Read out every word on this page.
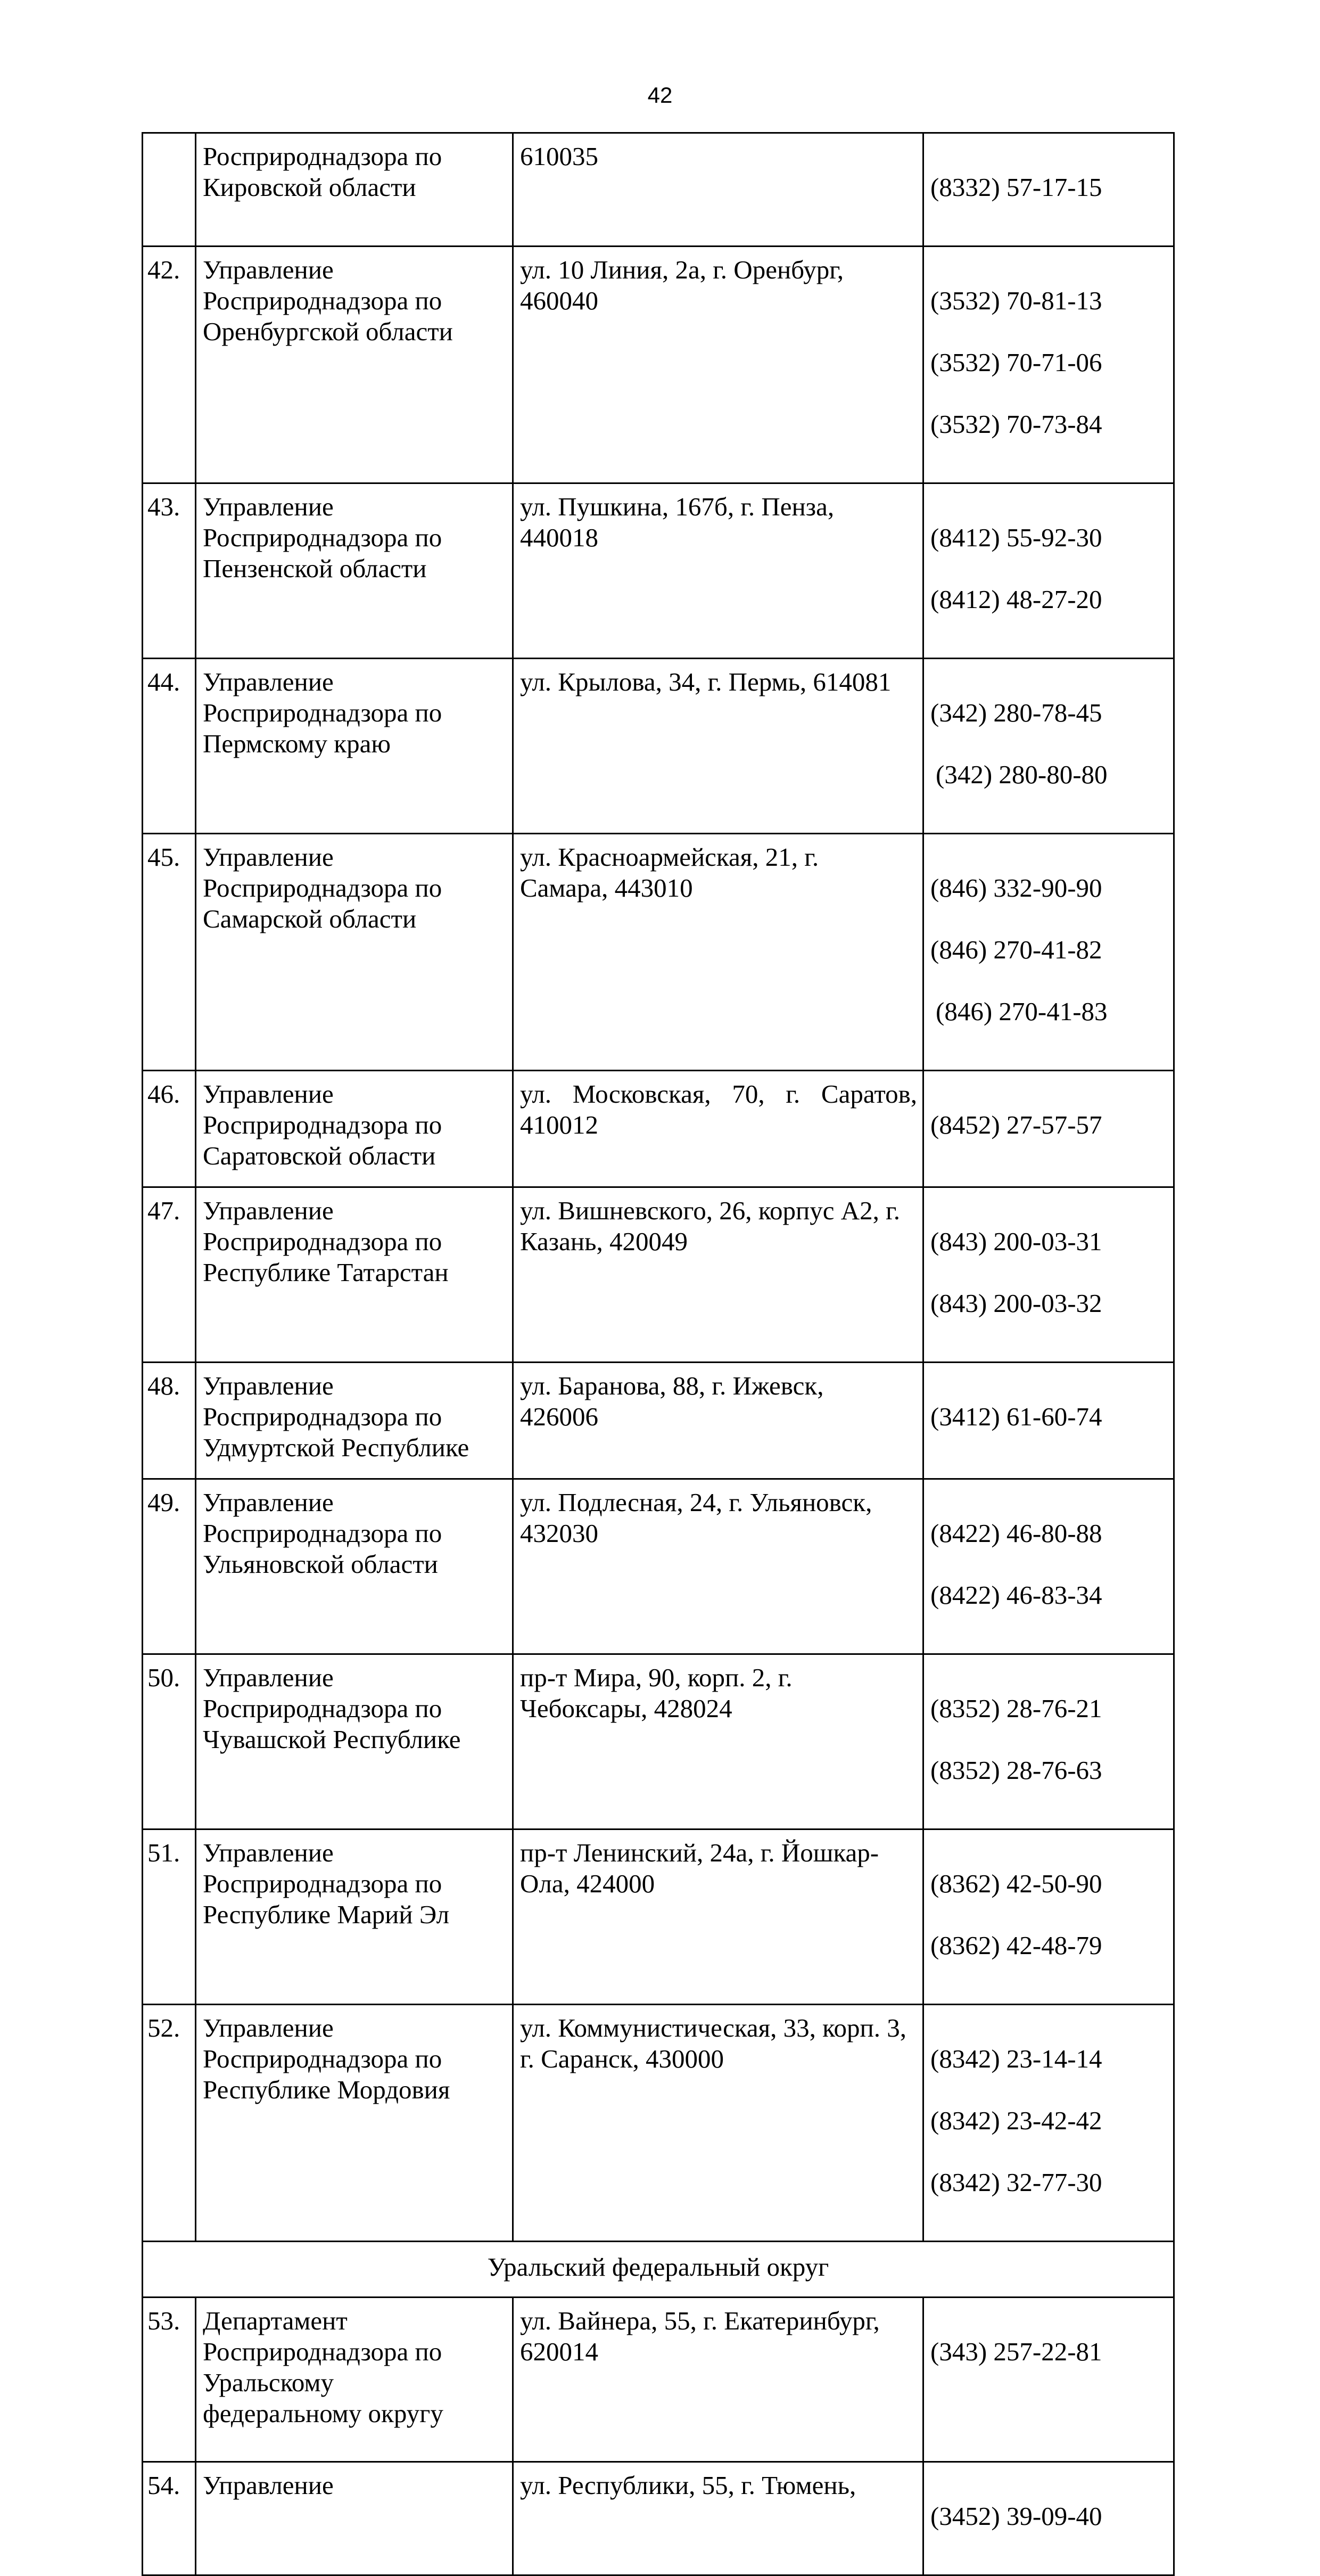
42
	Росприроднадзора по
Кировской области	610035	(8332) 57-17-15

42.	Управление
Росприроднадзора по
Оренбургской области	ул. 10 Линия, 2а, г. Оренбург,
460040	(3532) 70-81-13

(3532) 70-71-06

(3532) 70-73-84

43.	Управление
Росприроднадзора по
Пензенской области	ул. Пушкина, 167б, г. Пенза,
440018	(8412) 55-92-30

(8412) 48-27-20

44.	Управление
Росприроднадзора по
Пермскому краю	ул. Крылова, 34, г. Пермь, 614081	(342) 280-78-45

(342) 280-80-80

45.	Управление
Росприроднадзора по
Самарской области	ул. Красноармейская, 21, г.
Самара, 443010	(846) 332-90-90

(846) 270-41-82

(846) 270-41-83

46.	Управление
Росприроднадзора по
Саратовской области	ул. Московская, 70, г. Саратов, 410012	(8452) 27-57-57

47.	Управление
Росприроднадзора по
Республике Татарстан	ул. Вишневского, 26, корпус А2, г.
Казань, 420049	(843) 200-03-31

(843) 200-03-32

48.	Управление
Росприроднадзора по
Удмуртской Республике	ул. Баранова, 88, г. Ижевск,
426006	(3412) 61-60-74

49.	Управление
Росприроднадзора по
Ульяновской области	ул. Подлесная, 24, г. Ульяновск,
432030	(8422) 46-80-88

(8422) 46-83-34

50.	Управление
Росприроднадзора по
Чувашской Республике	пр-т Мира, 90, корп. 2, г.
Чебоксары, 428024	(8352) 28-76-21

(8352) 28-76-63

51.	Управление
Росприроднадзора по
Республике Марий Эл	пр-т Ленинский, 24а, г. Йошкар-
Ола, 424000	(8362) 42-50-90

(8362) 42-48-79

52.	Управление
Росприроднадзора по
Республике Мордовия	ул. Коммунистическая, 33, корп. 3,
г. Саранск, 430000	(8342) 23-14-14

(8342) 23-42-42

(8342) 32-77-30

Уральский федеральный округ			
53.	Департамент
Росприроднадзора по
Уральскому
федеральному округу	ул. Вайнера, 55, г. Екатеринбург,
620014	(343) 257-22-81

54.	Управление	ул. Республики, 55, г. Тюмень,	(3452) 39-09-40
